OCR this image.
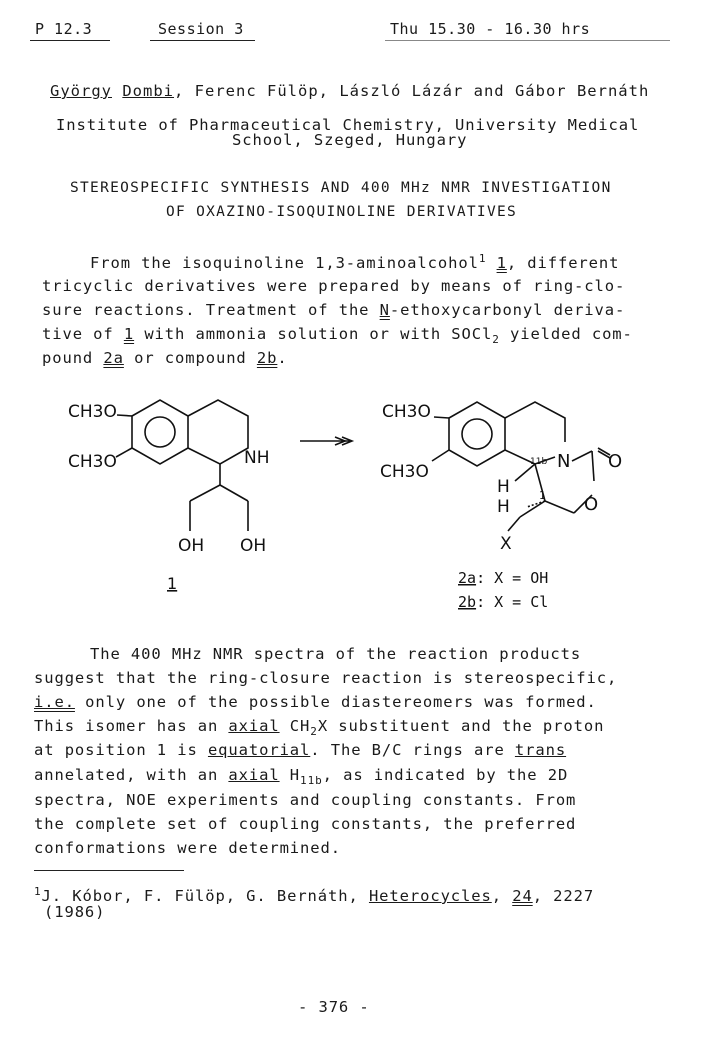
P 12.3	Session 3	Thu 15.30 - 16.30 hrs
György Dombi, Ferenc Fülöp, László Lázár and Gábor Bernáth
Institute of Pharmaceutical Chemistry, University Medical
School, Szeged, Hungary
STEREOSPECIFIC SYNTHESIS AND 400 MHz NMR INVESTIGATION
OF OXAZINO-ISOQUINOLINE DERIVATIVES
From the isoquinoline 1,3-aminoalcohol$^1$ 1, different
tricyclic derivatives were prepared by means of ring-clo-
sure reactions. Treatment of the N-ethoxycarbonyl deriva-
tive of 1 with ammonia solution or with SOCl$_2$ yielded com-
pound 2a or compound 2b.
CH3O
CH3O	NH
OH OH
1
CH3O
CH3O	N O
O
H
H
11b
1
X
2a: X = OH
2b: X = Cl
The 400 MHz NMR spectra of the reaction products
suggest that the ring-closure reaction is stereospecific,
i.e. only one of the possible diastereomers was formed.
This isomer has an axial $CH_2X$ substituent and the proton
at position 1 is equatorial. The B/C rings are trans
annelated, with an axial $H_{11b}$, as indicated by the 2D
spectra, NOE experiments and coupling constants. From
the complete set of coupling constants, the preferred
conformations were determined.
$^1$J. Kóbor, F. Fülöp, G. Bernáth, Heterocycles, 24, 2227
(1986)
- 376 -
